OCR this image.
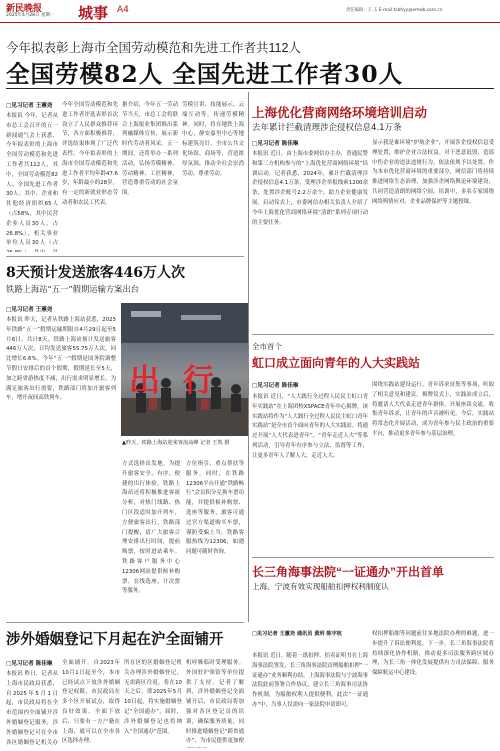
新民晚报
2025年4月28日 星期一 城事 A4	责任编辑：王 玉 E-mail:tsbhyy@xmwb.com.cn
今年拟表彰上海市全国劳动模范和先进工作者共112人
全国劳模82人 全国先进工作者30人
□ 见习记者 王蕙尧
本报讯 今年，记者从市总工会召开的五一新闻通气会上获悉，今年拟表彰的上海市全国劳动模范和先进工作者共112人，其中，全国劳动模范82人、全国先进工作者30人。其中，企业和其他经济组织65人（占58%，其中民营企业人员30人，占26.8%），机关事业单位人员30人（占
今年全国劳动模范和先进工作者评选表彰首次设立了人民群众推荐环节，各方面积极推荐，评选结果体现了广泛代表性。今年拟表彰的上海市全国劳动模范和先进工作者平均年龄47.6岁，年龄最小的28岁。有一定的新就业形态劳动者和农民工代表。
据介绍，今年五一劳动节当天，市总工会将联合上海报业集团推出系列融媒体宣传，展示新时代劳动者风采。五一期间，还将举办一系列活动，弘扬劳模精神、劳动精神、工匠精神，营造尊重劳动的社会氛围。
劳模宣讲、技能展示、云端互动等。传递劳模精神。同时，将在地铁上海中心，静安嘉里中心等地标建筑亮灯，全市公共文化场馆、商场等，营造浓厚氛围，推动全社会崇尚劳动、尊重劳动。
上海优化营商网络环境培训启动
去年累计拦截清理涉企侵权信息4.1万条
□ 见习记者 陈佳琳
本报讯 近日，由上海市委网信办主办，普通民警和第三方机构参与的“上海优化营商网络环境”培训启动。记者获悉，2024年，累计拦截清理涉企侵权信息4.1万条，受理涉企举报线索1200余条，处置涉企账号2.2万余个，助力企业健康发展。启动仪式上，市委网信办相关负责人介绍了今年上海优化营商网络环境“清朗”系列专项行动的主要任务。
显示我是谁环境“护航企业”，开展涉企侵权信息受理处置，维护企业合法权益。对于恶意诋毁、造谣中伤企业的违法违规行为，依法依规予以处置。作为本市优化营商环境的重要部分，网信部门将持续推进网络生态治理，加强涉企网络舆论环境建设，共同营造清朗的网络空间。培训中，多名专家围绕网络舆情应对、企业品牌保护等主题授课。
8天预计发送旅客446万人次
铁路上海站“五一”假期运输方案出台
□ 见习记者 王蕙尧
本报讯 昨天，记者从铁路上海站获悉，2025年铁路“五一”假期运输期限自4月29日起至5月6日，共计8天。铁路上海站预计发送旅客446万人次，日均发送旅客55.75万人次，同比增长6.6%。今年“五一”假期是国务院调整节假日安排后的首个假期，假期延长至5天，加之跨省游热度不减，出行需求明显增长。为满足旅客出行需要，铁路部门将加开旅客列车，增开夜间高铁列车。
方式选择出发地。为提升旅客安全、有序、便捷的出行体验，铁路上海站还将积极推进客流分析，对热门线路、热门区段适时加开列车，方便旅客出行。铁路部门提醒，请广大旅客合理安排出行时间，提前购票，按时进站乘车。铁路客户服务中心12306网站提供候补购票、在线选座、计次票等服务。
方位指引，重点帮扶等服务。同时，在铁路12306平台开通“铁路畅行”会员积分兑换车票功能，并提供候补购票、选座等服务，旅客可通过官方渠道购买车票，谨防受骗上当。铁路客服热线为12306，如遇问题可随时咨询。
出 行
▲昨天，铁路上海站迎来客流高峰 记者 王凯 摄
全市首个
虹口成立面向青年的人大实践站
□ 见习记者 陈佳琳
本报讯 近日，“人大践行全过程人民民主虹口青年实践站”在上海团校XSPACE青年中心揭牌。该实践站将作为“人大践行全过程人民民主虹口青年实践站”是全市首个面向青年的人大实践站。将通过开展“人大代表进青年”、“青年走近人大”等系列活动，引导青年有序参与立法、监督等工作，让更多青年人了解人大，走近人大。
围绕实践站建设运行、青年诉求征集等事项，听取了相关意见和建议。揭牌仪式上，实践站成立后，将邀请人大代表走进青年群体，开展座谈交流，收集青年诉求，让青年的声音被听见。今后，实践站将常态化开展活动，成为青年参与民主政治的重要平台，推动更多青年参与基层治理。
长三角海事法院“一证通办”开出首单
上海、宁波有效实现船舶扣押权利制度认
□ 见习记者 王蕙尧 通讯员 黄玥 陈宇杭
本报讯 近日，随着一纸扣押、拍卖证明书在上海海事法院签发，长三角海事法院首例船舶扣押“一证通办”业务顺利办结。上海海事法院与宁波海事法院此前签署合作协议，建立长三角海事司法协作机制，为船舶权利人提供便利。此次“一证通办”中，当事人仅需向一家法院申请即可。
权扣押船舶等问题前往多地法院办理的难题，进一步提升了诉讼便利度。下一步，长三角海事法院将持续深化协作机制，推动更多司法服务跨区域办理，为长三角一体化发展提供有力司法保障，服务保障航运中心建设。
涉外婚姻登记下月起在沪全面铺开
□ 见习记者 陈佳琳
本报讯 昨日，记者从上海市民政局获悉，自2025年5月1日起，市民政局将在全市范围内全面铺开涉外婚姻登记服务，涉外婚姻登记可在全市各区婚姻登记机关办
全面铺开。自2023年10月1日起至今，本市已经试点下放涉外婚姻登记权限，市民政局在多个区开展试点，取得良好效果。全面下放后，只要有一方户籍在上海，就可以在全市各区选择办理。
所在区的区婚姻登记机关办理涉外婚姻登记，无需跨区往返。将在10天之后，即2025年5月10日起，将实施婚姻登记“全国通办”，届时，涉外婚姻登记也将纳入“全国通办”范围。
机呼吸临时受理服务。外国驻沪领馆等单位提供了支持。记者了解到，涉外婚姻登记全面铺开后，市民政局将加强对各区登记员的培训，确保服务质量，同时推进婚姻登记“跨省通办”，为市民提供更加便
